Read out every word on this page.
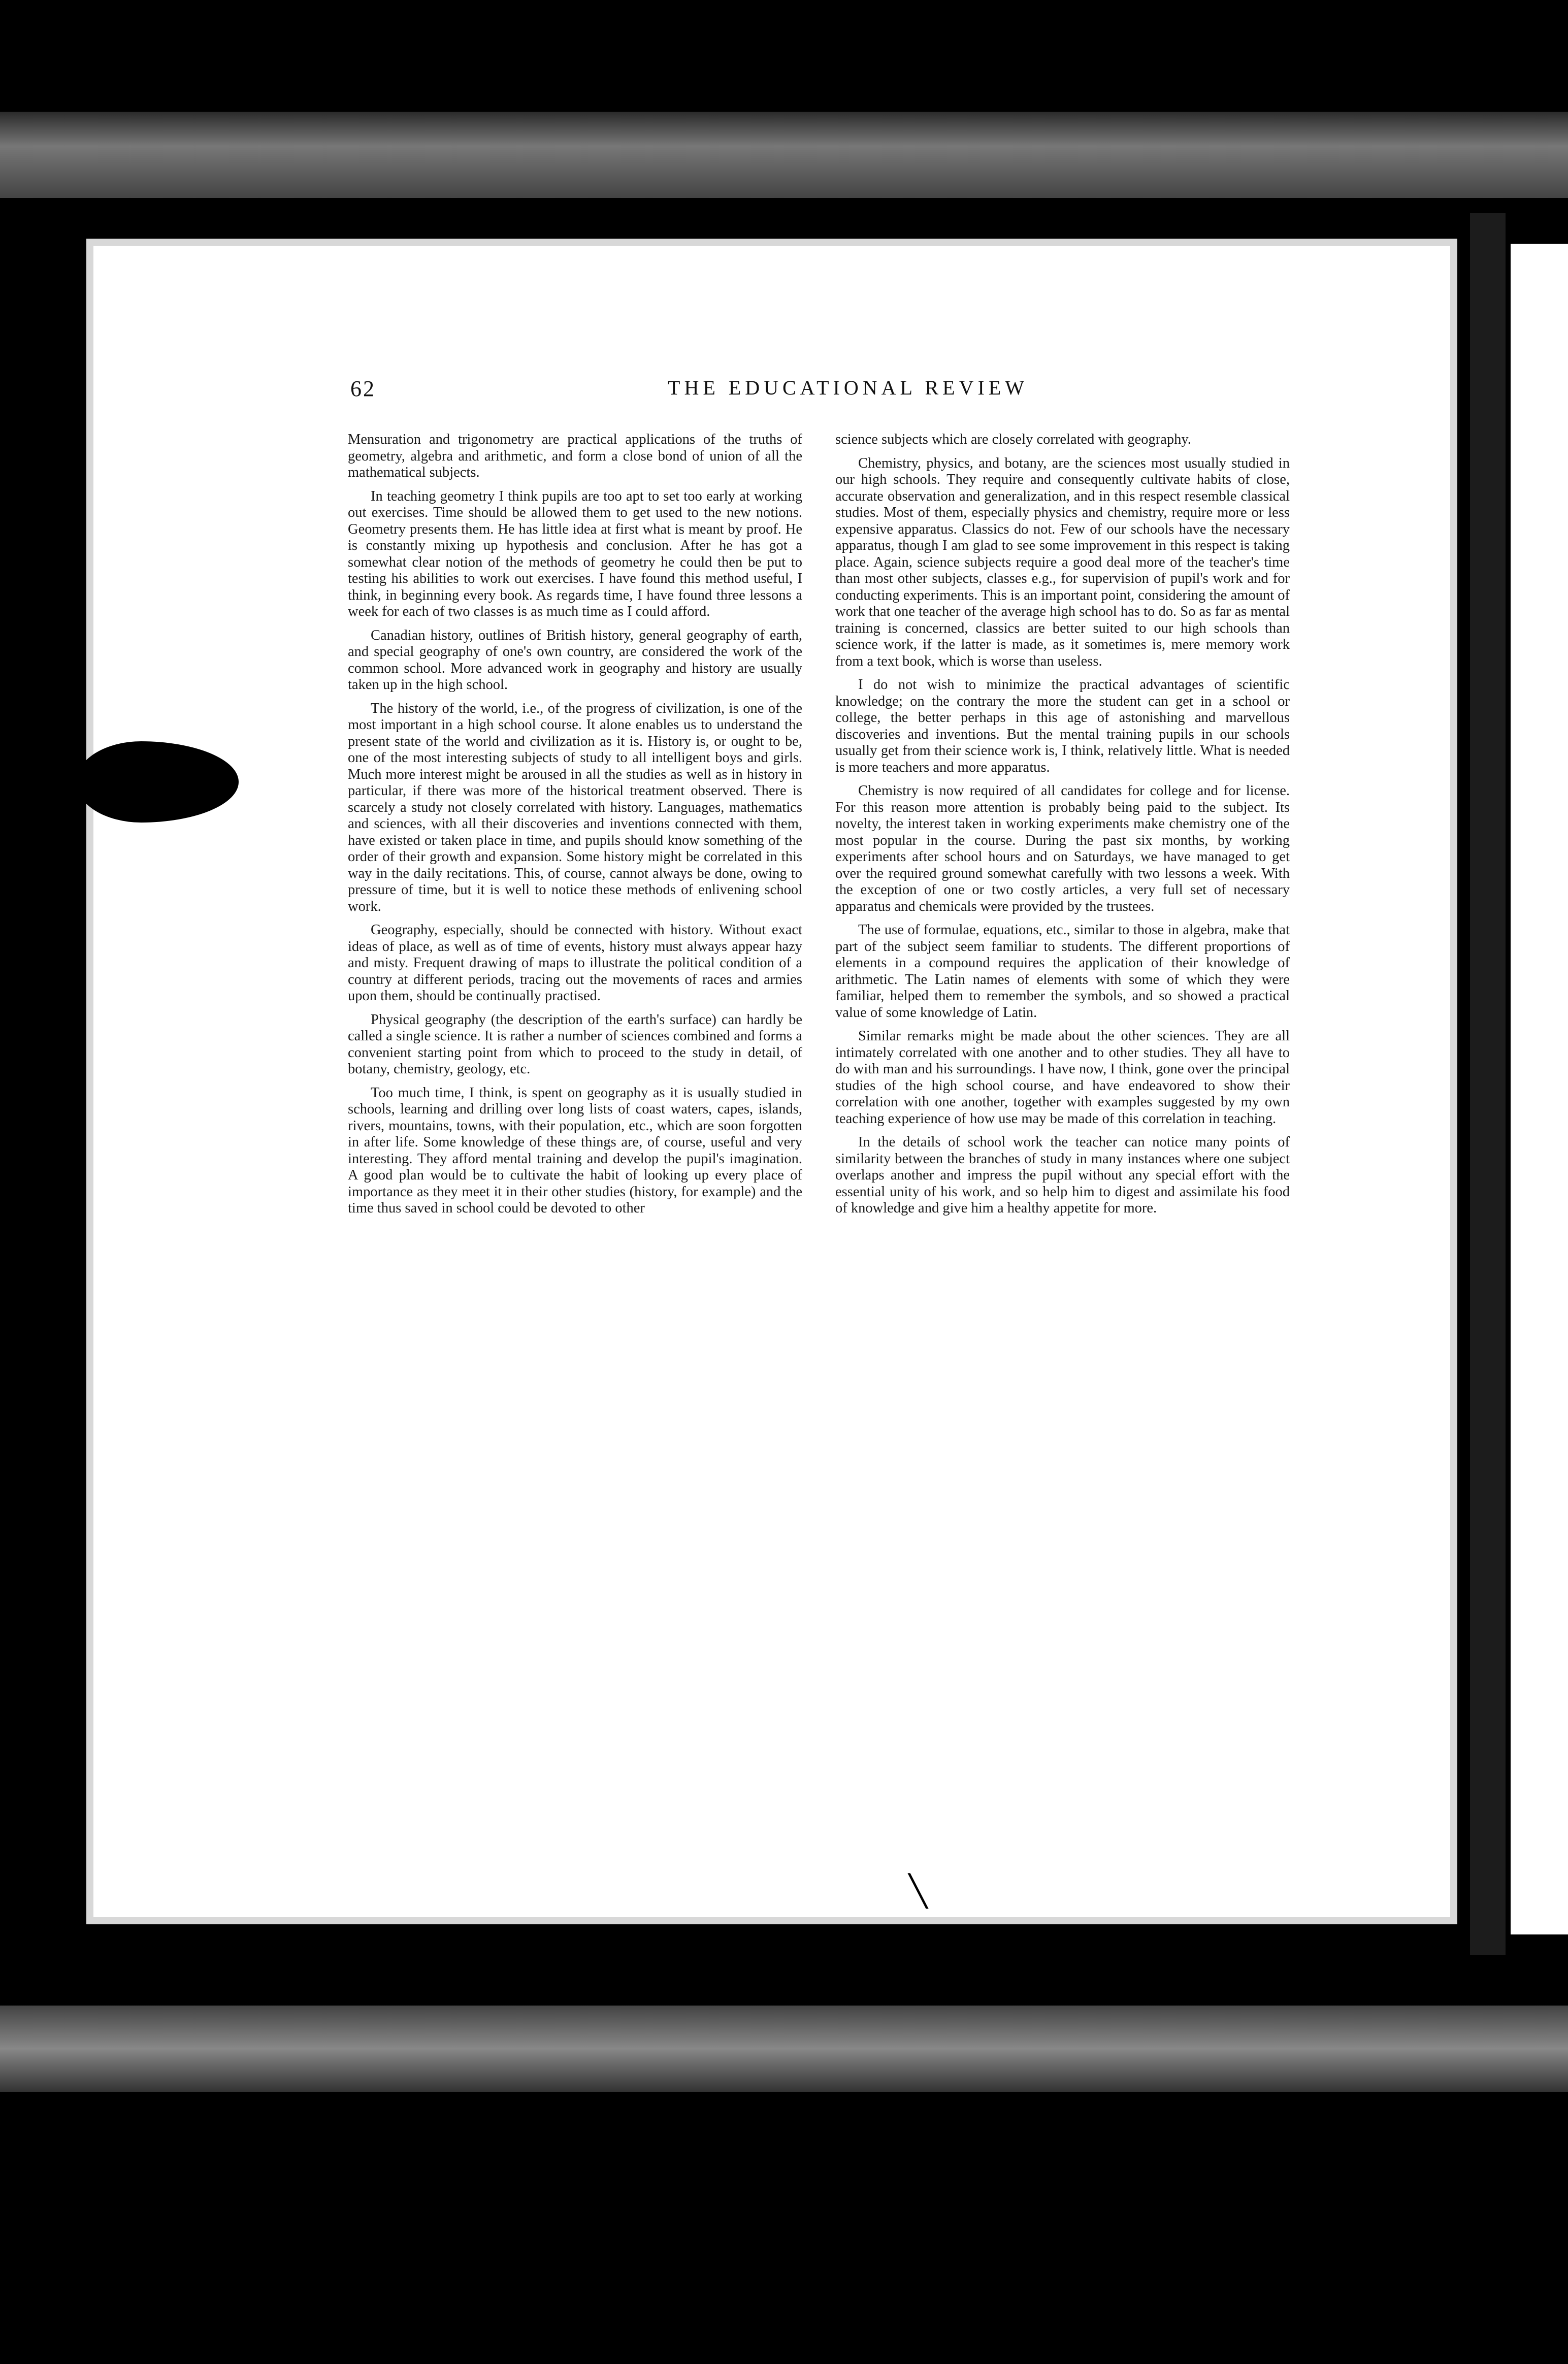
62	THE EDUCATIONAL REVIEW

Mensuration and trigonometry are practical applications of the truths of geometry, algebra and arithmetic, and form a close bond of union of all the mathematical subjects.

In teaching geometry I think pupils are too apt to set too early at working out exercises. Time should be allowed them to get used to the new notions. Geometry presents them. He has little idea at first what is meant by proof. He is constantly mixing up hypothesis and conclusion. After he has got a somewhat clear notion of the methods of geometry he could then be put to testing his abilities to work out exercises. I have found this method useful, I think, in beginning every book. As regards time, I have found three lessons a week for each of two classes is as much time as I could afford.

Canadian history, outlines of British history, general geography of earth, and special geography of one's own country, are considered the work of the common school. More advanced work in geography and history are usually taken up in the high school.

The history of the world, i.e., of the progress of civilization, is one of the most important in a high school course. It alone enables us to understand the present state of the world and civilization as it is. History is, or ought to be, one of the most interesting subjects of study to all intelligent boys and girls. Much more interest might be aroused in all the studies as well as in history in particular, if there was more of the historical treatment observed. There is scarcely a study not closely correlated with history. Languages, mathematics and sciences, with all their discoveries and inventions connected with them, have existed or taken place in time, and pupils should know something of the order of their growth and expansion. Some history might be correlated in this way in the daily recitations. This, of course, cannot always be done, owing to pressure of time, but it is well to notice these methods of enlivening school work.

Geography, especially, should be connected with history. Without exact ideas of place, as well as of time of events, history must always appear hazy and misty. Frequent drawing of maps to illustrate the political condition of a country at different periods, tracing out the movements of races and armies upon them, should be continually practised.

Physical geography (the description of the earth's surface) can hardly be called a single science. It is rather a number of sciences combined and forms a convenient starting point from which to proceed to the study in detail, of botany, chemistry, geology, etc.

Too much time, I think, is spent on geography as it is usually studied in schools, learning and drilling over long lists of coast waters, capes, islands, rivers, mountains, towns, with their population, etc., which are soon forgotten in after life. Some knowledge of these things are, of course, useful and very interesting. They afford mental training and develop the pupil's imagination. A good plan would be to cultivate the habit of looking up every place of importance as they meet it in their other studies (history, for example) and the time thus saved in school could be devoted to other

science subjects which are closely correlated with geography.

Chemistry, physics, and botany, are the sciences most usually studied in our high schools. They require and consequently cultivate habits of close, accurate observation and generalization, and in this respect resemble classical studies. Most of them, especially physics and chemistry, require more or less expensive apparatus. Classics do not. Few of our schools have the necessary apparatus, though I am glad to see some improvement in this respect is taking place. Again, science subjects require a good deal more of the teacher's time than most other subjects, classes e.g., for supervision of pupil's work and for conducting experiments. This is an important point, considering the amount of work that one teacher of the average high school has to do. So as far as mental training is concerned, classics are better suited to our high schools than science work, if the latter is made, as it sometimes is, mere memory work from a text book, which is worse than useless.

I do not wish to minimize the practical advantages of scientific knowledge; on the contrary the more the student can get in a school or college, the better perhaps in this age of astonishing and marvellous discoveries and inventions. But the mental training pupils in our schools usually get from their science work is, I think, relatively little. What is needed is more teachers and more apparatus.

Chemistry is now required of all candidates for college and for license. For this reason more attention is probably being paid to the subject. Its novelty, the interest taken in working experiments make chemistry one of the most popular in the course. During the past six months, by working experiments after school hours and on Saturdays, we have managed to get over the required ground somewhat carefully with two lessons a week. With the exception of one or two costly articles, a very full set of necessary apparatus and chemicals were provided by the trustees.

The use of formulae, equations, etc., similar to those in algebra, make that part of the subject seem familiar to students. The different proportions of elements in a compound requires the application of their knowledge of arithmetic. The Latin names of elements with some of which they were familiar, helped them to remember the symbols, and so showed a practical value of some knowledge of Latin.

Similar remarks might be made about the other sciences. They are all intimately correlated with one another and to other studies. They all have to do with man and his surroundings. I have now, I think, gone over the principal studies of the high school course, and have endeavored to show their correlation with one another, together with examples suggested by my own teaching experience of how use may be made of this correlation in teaching.

In the details of school work the teacher can notice many points of similarity between the branches of study in many instances where one subject overlaps another and impress the pupil without any special effort with the essential unity of his work, and so help him to digest and assimilate his food of knowledge and give him a healthy appetite for more.

╲
